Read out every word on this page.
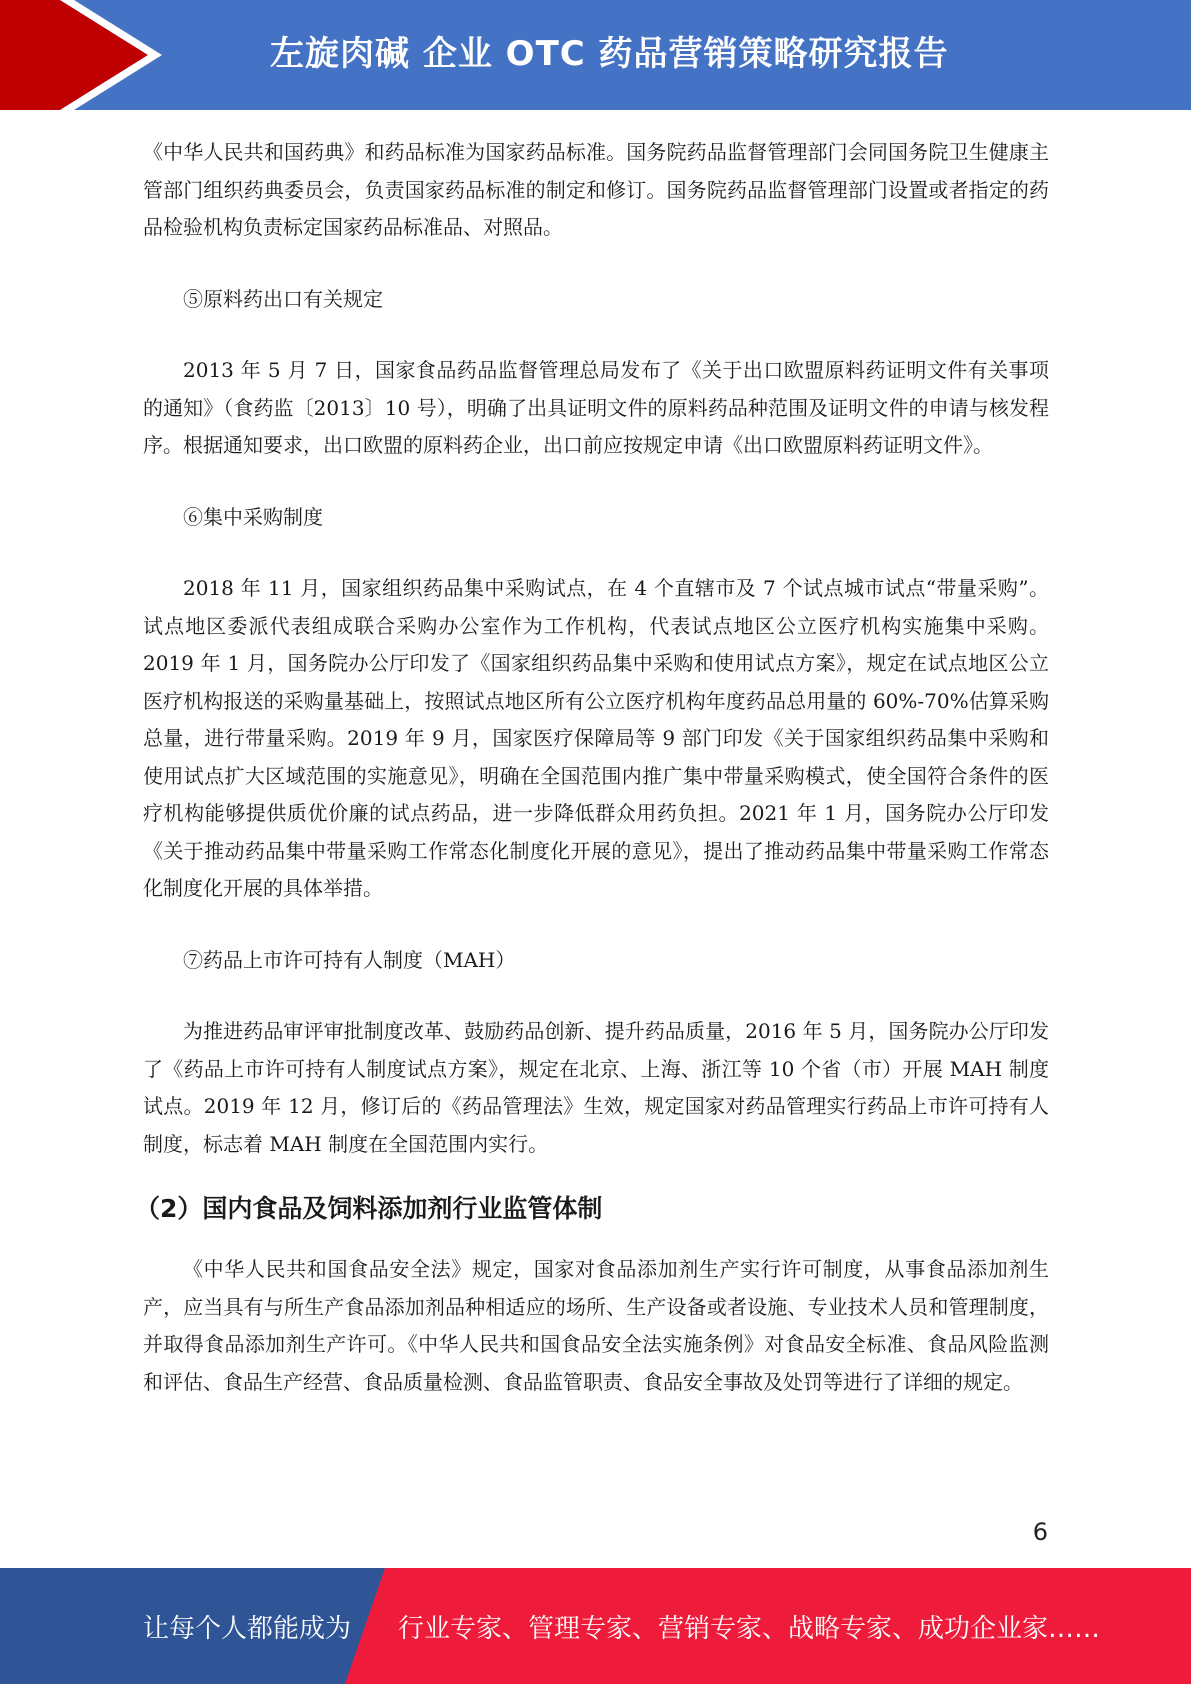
左旋肉碱 企业 OTC 药品营销策略研究报告

《中华人民共和国药典》和药品标准为国家药品标准。国务院药品监督管理部门会同国务院卫生健康主管部门组织药典委员会，负责国家药品标准的制定和修订。国务院药品监督管理部门设置或者指定的药品检验机构负责标定国家药品标准品、对照品。

⑤原料药出口有关规定

2013 年 5 月 7 日，国家食品药品监督管理总局发布了《关于出口欧盟原料药证明文件有关事项的通知》（食药监〔2013〕10 号），明确了出具证明文件的原料药品种范围及证明文件的申请与核发程序。根据通知要求，出口欧盟的原料药企业，出口前应按规定申请《出口欧盟原料药证明文件》。

⑥集中采购制度

2018 年 11 月，国家组织药品集中采购试点，在 4 个直辖市及 7 个试点城市试点“带量采购”。试点地区委派代表组成联合采购办公室作为工作机构，代表试点地区公立医疗机构实施集中采购。2019 年 1 月，国务院办公厅印发了《国家组织药品集中采购和使用试点方案》，规定在试点地区公立医疗机构报送的采购量基础上，按照试点地区所有公立医疗机构年度药品总用量的 60%-70%估算采购总量，进行带量采购。2019 年 9 月，国家医疗保障局等 9 部门印发《关于国家组织药品集中采购和使用试点扩大区域范围的实施意见》，明确在全国范围内推广集中带量采购模式，使全国符合条件的医疗机构能够提供质优价廉的试点药品，进一步降低群众用药负担。2021 年 1 月，国务院办公厅印发《关于推动药品集中带量采购工作常态化制度化开展的意见》，提出了推动药品集中带量采购工作常态化制度化开展的具体举措。

⑦药品上市许可持有人制度（MAH）

为推进药品审评审批制度改革、鼓励药品创新、提升药品质量，2016 年 5 月，国务院办公厅印发了《药品上市许可持有人制度试点方案》，规定在北京、上海、浙江等 10 个省（市）开展 MAH 制度试点。2019 年 12 月，修订后的《药品管理法》生效，规定国家对药品管理实行药品上市许可持有人制度，标志着 MAH 制度在全国范围内实行。

（2）国内食品及饲料添加剂行业监管体制

《中华人民共和国食品安全法》规定，国家对食品添加剂生产实行许可制度，从事食品添加剂生产，应当具有与所生产食品添加剂品种相适应的场所、生产设备或者设施、专业技术人员和管理制度，并取得食品添加剂生产许可。《中华人民共和国食品安全法实施条例》对食品安全标准、食品风险监测和评估、食品生产经营、食品质量检测、食品监管职责、食品安全事故及处罚等进行了详细的规定。

6
让每个人都能成为 行业专家、管理专家、营销专家、战略专家、成功企业家……
